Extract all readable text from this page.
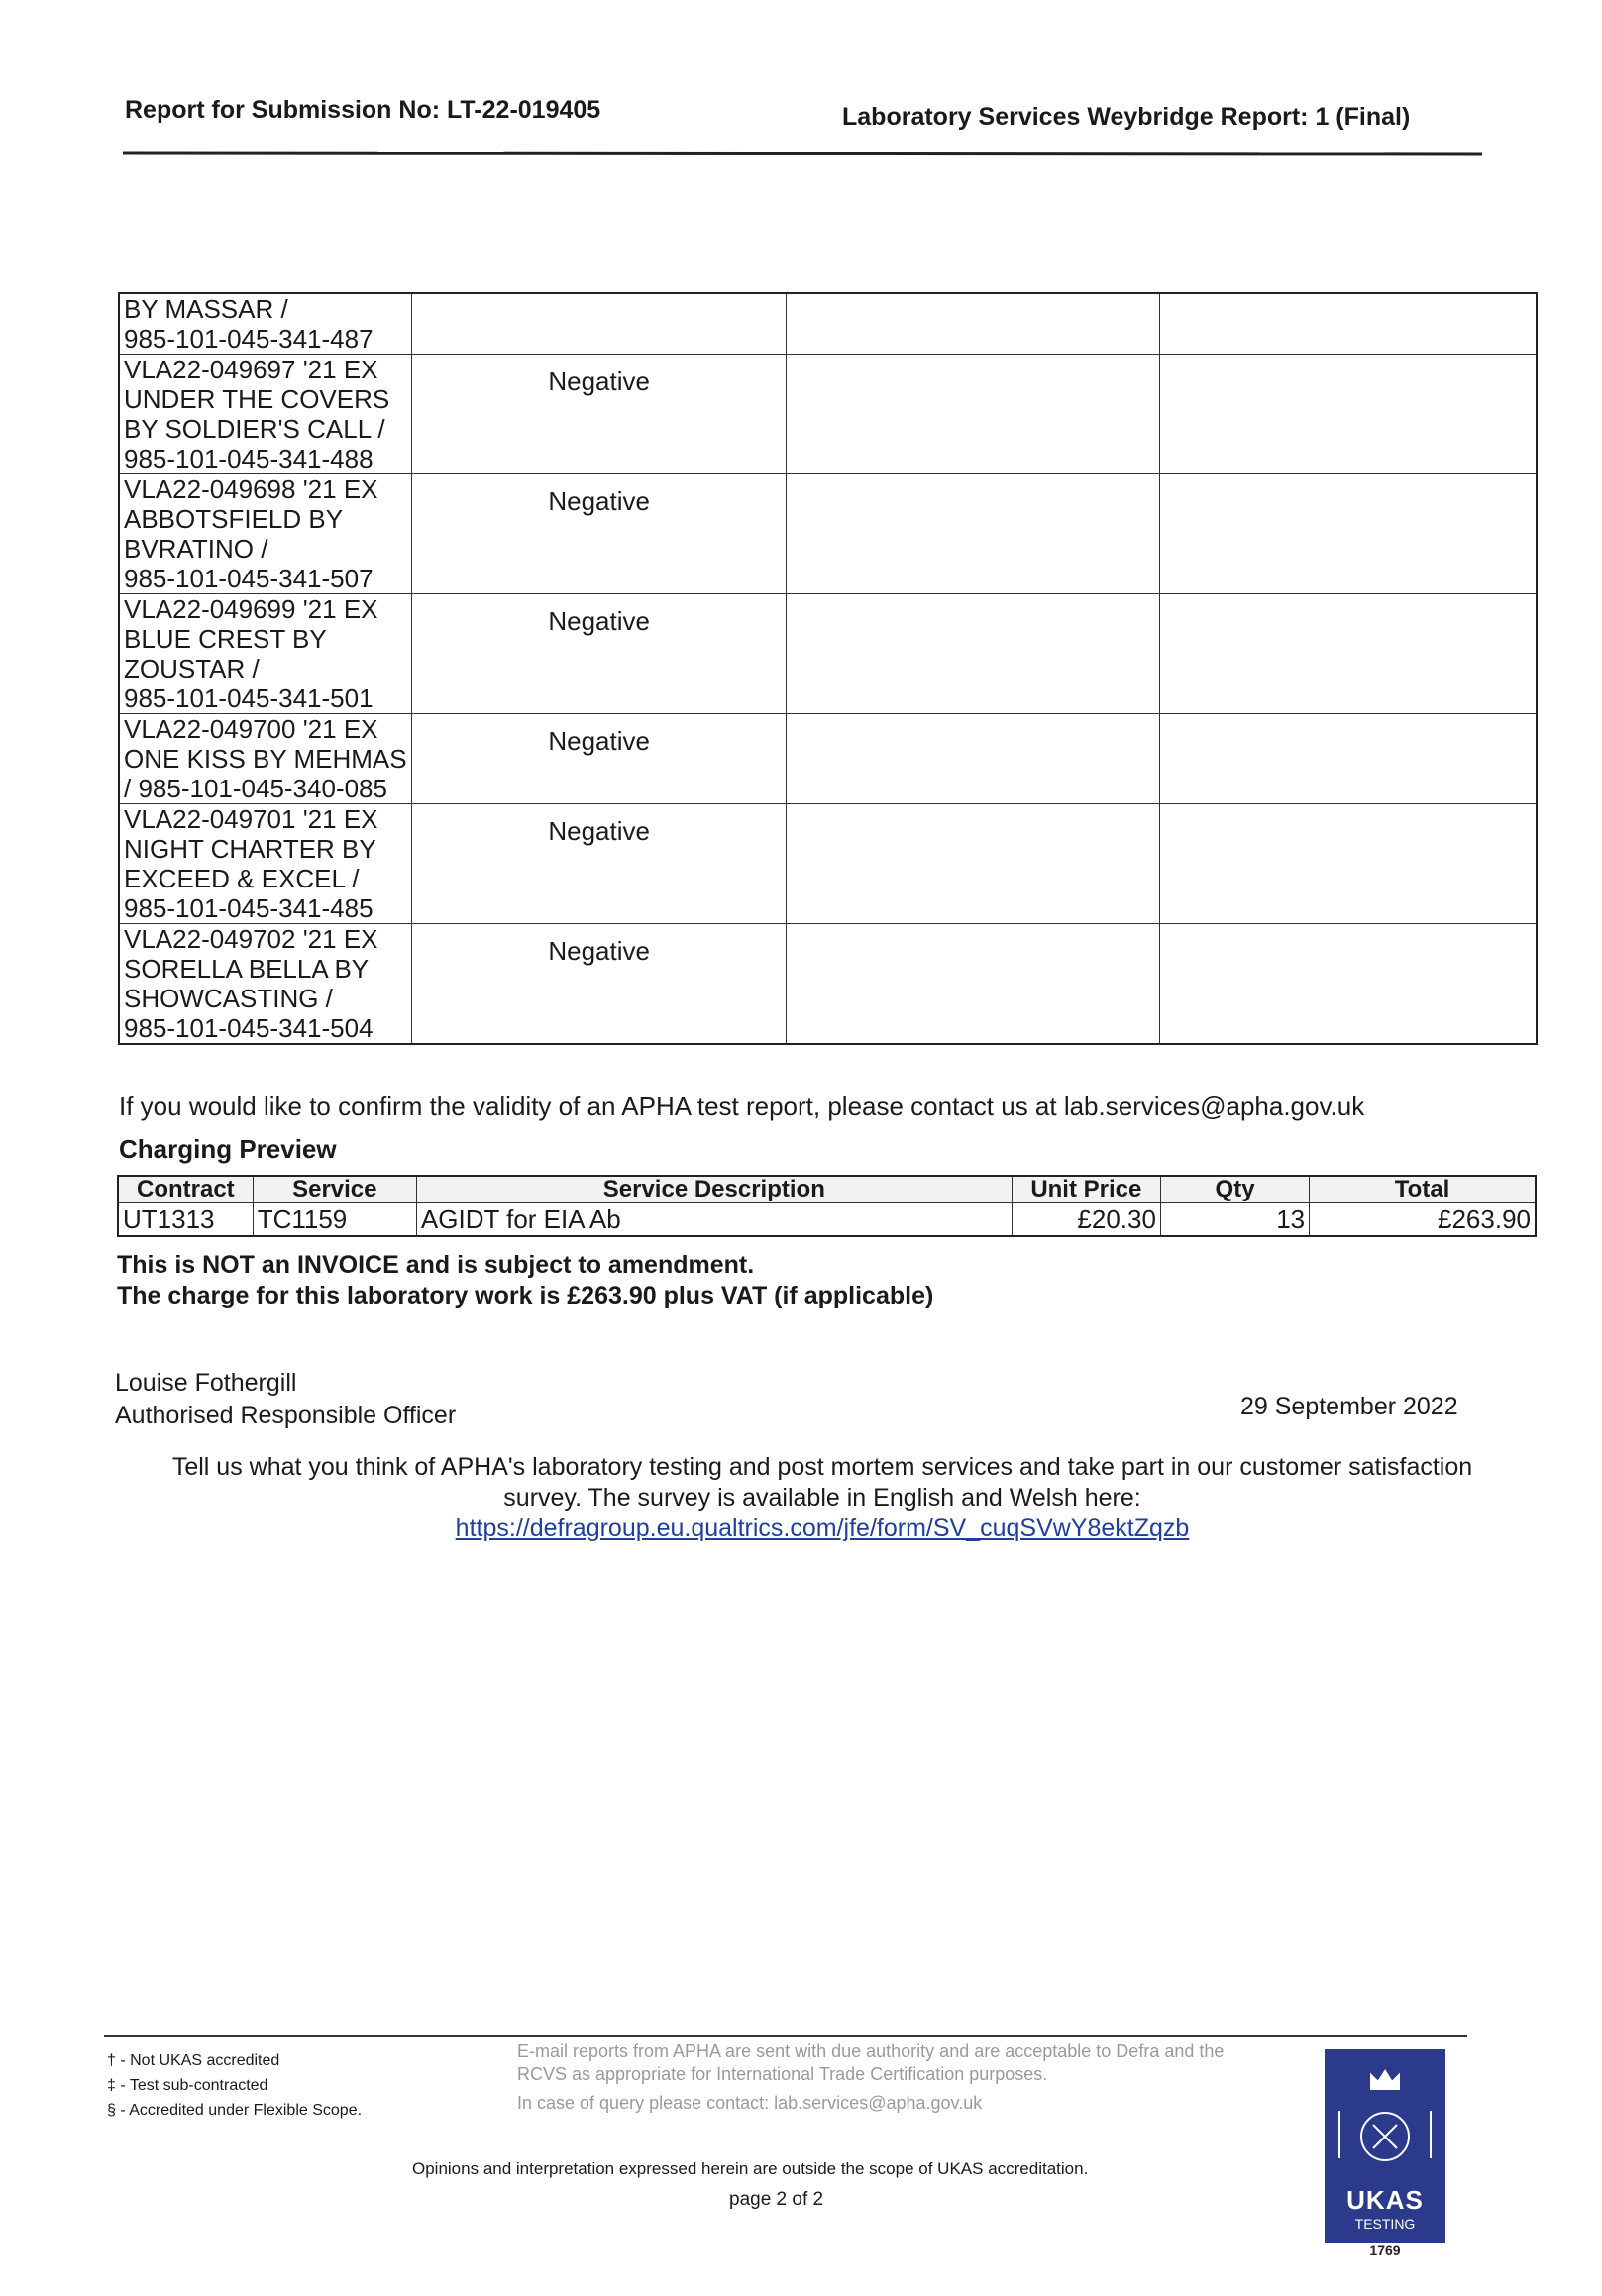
Report for Submission No: LT-22-019405	Laboratory Services Weybridge Report: 1 (Final)
BY MASSAR /
985-101-045-341-487			

VLA22-049697 '21 EX
UNDER THE COVERS
BY SOLDIER'S CALL /
985-101-045-341-488	Negative		

VLA22-049698 '21 EX
ABBOTSFIELD BY
BVRATINO /
985-101-045-341-507	Negative		

VLA22-049699 '21 EX
BLUE CREST BY
ZOUSTAR /
985-101-045-341-501	Negative		

VLA22-049700 '21 EX
ONE KISS BY MEHMAS
/ 985-101-045-340-085	Negative		

VLA22-049701 '21 EX
NIGHT CHARTER BY
EXCEED & EXCEL /
985-101-045-341-485	Negative		

VLA22-049702 '21 EX
SORELLA BELLA BY
SHOWCASTING /
985-101-045-341-504	Negative		
If you would like to confirm the validity of an APHA test report, please contact us at lab.services@apha.gov.uk
Charging Preview
Contract	Service	Service Description	Unit Price	Qty	Total
UT1313	TC1159	AGIDT for EIA Ab	£20.30	13	£263.90
This is NOT an INVOICE and is subject to amendment.
The charge for this laboratory work is £263.90 plus VAT (if applicable)
Louise Fothergill
Authorised Responsible Officer	29 September 2022
Tell us what you think of APHA's laboratory testing and post mortem services and take part in our customer satisfaction
survey. The survey is available in English and Welsh here:
https://defragroup.eu.qualtrics.com/jfe/form/SV_cuqSVwY8ektZqzb
† - Not UKAS accredited
‡ - Test sub-contracted
§ - Accredited under Flexible Scope.
E-mail reports from APHA are sent with due authority and are acceptable to Defra and the RCVS as appropriate for International Trade Certification purposes.
In case of query please contact: lab.services@apha.gov.uk
Opinions and interpretation expressed herein are outside the scope of UKAS accreditation.
page 2 of 2	UKAS
TESTING
1769
